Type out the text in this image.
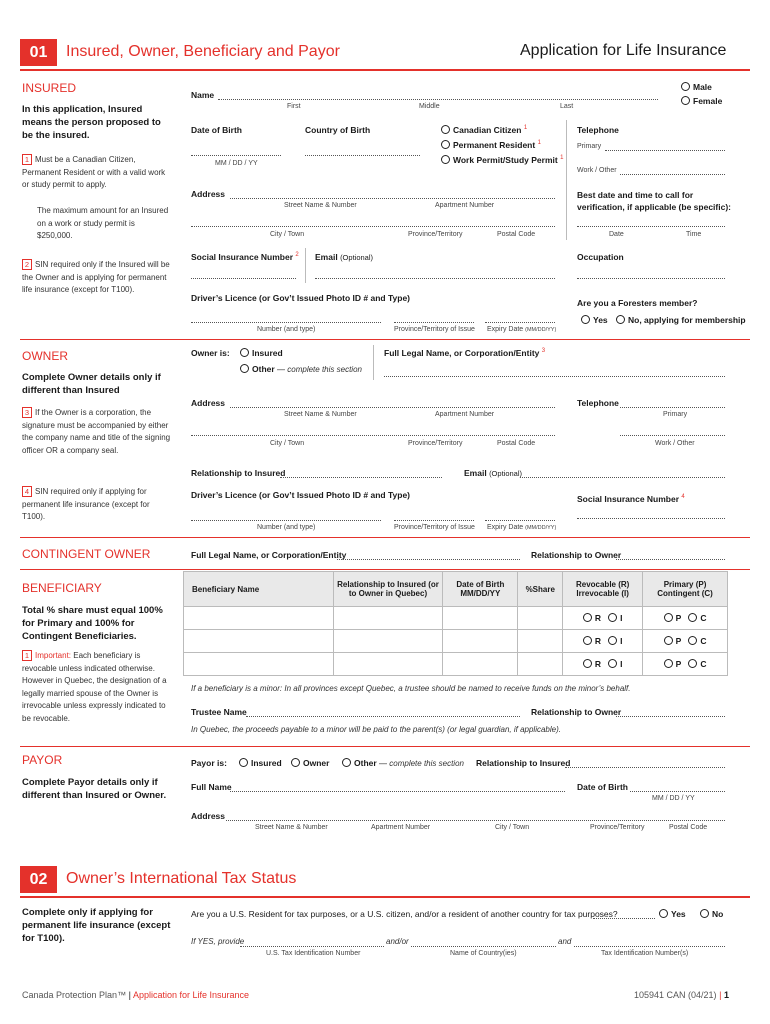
01	Insured, Owner, Beneficiary and Payor	Application for Life Insurance
INSURED
In this application, Insured means the person proposed to be the insured.
1 Must be a Canadian Citizen, Permanent Resident or with a valid work or study permit to apply.
The maximum amount for an Insured on a work or study permit is $250,000.
2 SIN required only if the Insured will be the Owner and is applying for permanent life insurance (except for T100).
Name
First	Middle	Last
Male
Female
Date of Birth
MM / DD / YY
Country of Birth	Canadian Citizen $^1$
Permanent Resident $^1$
Work Permit/Study Permit $^1$
Telephone
Primary
Work / Other
Address
Street Name & Number	Apartment Number
City / Town	Province/Territory	Postal Code
Best date and time to call for verification, if applicable (be specific):
Date	Time
Social Insurance Number $^2$ Email (Optional)	Occupation
Driver’s Licence (or Gov’t Issued Photo ID # and Type)
Number (and type)	Province/Territory of Issue Expiry Date (MM/DD/YY)
Are you a Foresters member?
Yes	No, applying for membership
OWNER
Complete Owner details only if different than Insured
3 If the Owner is a corporation, the signature must be accompanied by either the company name and title of the signing officer OR a company seal.
4 SIN required only if applying for permanent life insurance (except for T100).
Owner is:	Insured
Other — complete this section
Full Legal Name, or Corporation/Entity $^3$
Address
Street Name & Number	Apartment Number
City / Town	Province/Territory	Postal Code
Telephone
Primary
Work / Other
Relationship to Insured	Email (Optional)
Driver’s Licence (or Gov’t Issued Photo ID # and Type)
Number (and type)	Province/Territory of Issue Expiry Date (MM/DD/YY)
Social Insurance Number $^4$
CONTINGENT OWNER	Full Legal Name, or Corporation/Entity	Relationship to Owner
BENEFICIARY
Total % share must equal 100% for Primary and 100% for Contingent Beneficiaries.
1 Important: Each beneficiary is revocable unless indicated otherwise. However in Quebec, the designation of a legally married spouse of the Owner is irrevocable unless expressly indicated to be revocable.
Beneficiary Name	Relationship to Insured (or to Owner in Quebec)	Date of Birth MM/DD/YY	%Share	Revocable (R) Irrevocable (I)	Primary (P) Contingent (C)
				R I	P C
				R I	P C
				R I	P C
If a beneficiary is a minor: In all provinces except Quebec, a trustee should be named to receive funds on the minor’s behalf.
Trustee Name	Relationship to Owner
In Quebec, the proceeds payable to a minor will be paid to the parent(s) (or legal guardian, if applicable).
PAYOR
Complete Payor details only if different than Insured or Owner.
Payor is:	Insured	Owner	Other — complete this section Relationship to Insured
Full Name	Date of Birth
MM / DD / YY
Address
Street Name & Number	Apartment Number	City / Town	Province/Territory	Postal Code
02	Owner’s International Tax Status
Complete only if applying for permanent life insurance (except for T100).
Are you a U.S. Resident for tax purposes, or a U.S. citizen, and/or a resident of another country for tax purposes?	Yes	No
If YES, provide	and/or	and
U.S. Tax Identification Number	Name of Country(ies)	Tax Identification Number(s)
Canada Protection Plan™ | Application for Life Insurance	105941 CAN (04/21) | 1
